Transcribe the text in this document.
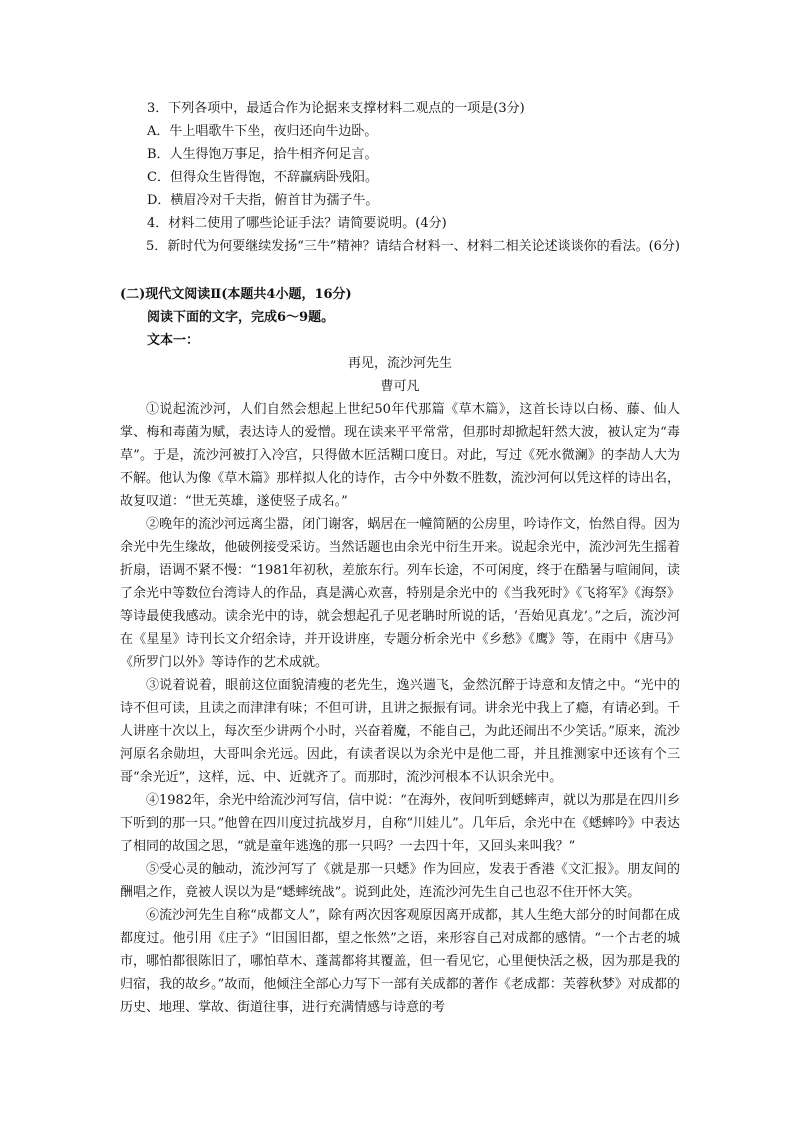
3．下列各项中，最适合作为论据来支撑材料二观点的一项是(3分)

A．牛上唱歌牛下坐，夜归还向牛边卧。

B．人生得饱万事足，拾牛相齐何足言。

C．但得众生皆得饱，不辞赢病卧残阳。

D．横眉冷对千夫指，俯首甘为孺子牛。

4．材料二使用了哪些论证手法？请简要说明。(4分)

5．新时代为何要继续发扬“三牛”精神？请结合材料一、材料二相关论述谈谈你的看法。(6分)

(二)现代文阅读Ⅱ(本题共4小题，16分)

阅读下面的文字，完成6～9题。

文本一：

再见，流沙河先生

曹可凡

①说起流沙河，人们自然会想起上世纪50年代那篇《草木篇》，这首长诗以白杨、藤、仙人掌、梅和毒菌为赋，表达诗人的爱憎。现在读来平平常常，但那时却掀起轩然大波，被认定为“毒草”。于是，流沙河被打入冷宫，只得做木匠活糊口度日。对此，写过《死水微澜》的李劼人大为不解。他认为像《草木篇》那样拟人化的诗作，古今中外数不胜数，流沙河何以凭这样的诗出名，故复叹道：“世无英雄，遂使竖子成名。”

②晚年的流沙河远离尘嚣，闭门谢客，蜗居在一幢简陋的公房里，吟诗作文，怡然自得。因为余光中先生缘故，他破例接受采访。当然话题也由余光中衍生开来。说起余光中，流沙河先生摇着折扇，语调不紧不慢：“1981年初秋，差旅东行。列车长途，不可闲度，终于在酷暑与喧闹间，读了余光中等数位台湾诗人的作品，真是满心欢喜，特别是余光中的《当我死时》《飞将军》《海祭》等诗最使我感动。读余光中的诗，就会想起孔子见老聃时所说的话，‘吾始见真龙’。”之后，流沙河在《星星》诗刊长文介绍余诗，并开设讲座，专题分析余光中《乡愁》《鹰》等，在雨中《唐马》《所罗门以外》等诗作的艺术成就。

③说着说着，眼前这位面貌清瘦的老先生，逸兴遄飞，金然沉醉于诗意和友情之中。“光中的诗不但可读，且读之而津津有味；不但可讲，且讲之振振有词。讲余光中我上了瘾，有请必到。千人讲座十次以上，每次至少讲两个小时，兴奋着魔，不能自己，为此还闹出不少笑话。”原来，流沙河原名余勋坦，大哥叫余光远。因此，有读者误以为余光中是他二哥，并且推测家中还该有个三哥“余光近”，这样，远、中、近就齐了。而那时，流沙河根本不认识余光中。

④1982年，余光中给流沙河写信，信中说：“在海外，夜间听到蟋蟀声，就以为那是在四川乡下听到的那一只。”他曾在四川度过抗战岁月，自称“川娃儿”。几年后，余光中在《蟋蟀吟》中表达了相同的故国之思，“就是童年逃逸的那一只吗？一去四十年，又回头来叫我？”

⑤受心灵的触动，流沙河写了《就是那一只蟋》作为回应，发表于香港《文汇报》。朋友间的酬唱之作，竟被人误以为是“蟋蟀统战”。说到此处，连流沙河先生自己也忍不住开怀大笑。

⑥流沙河先生自称“成都文人”，除有两次因客观原因离开成都，其人生绝大部分的时间都在成都度过。他引用《庄子》“旧国旧都，望之怅然”之语，来形容自己对成都的感情。“一个古老的城市，哪怕都很陈旧了，哪怕草木、蓬蒿都将其覆盖，但一看见它，心里便快活之极，因为那是我的归宿，我的故乡。”故而，他倾注全部心力写下一部有关成都的著作《老成都：芙蓉秋梦》对成都的历史、地理、掌故、街道往事，进行充满情感与诗意的考
